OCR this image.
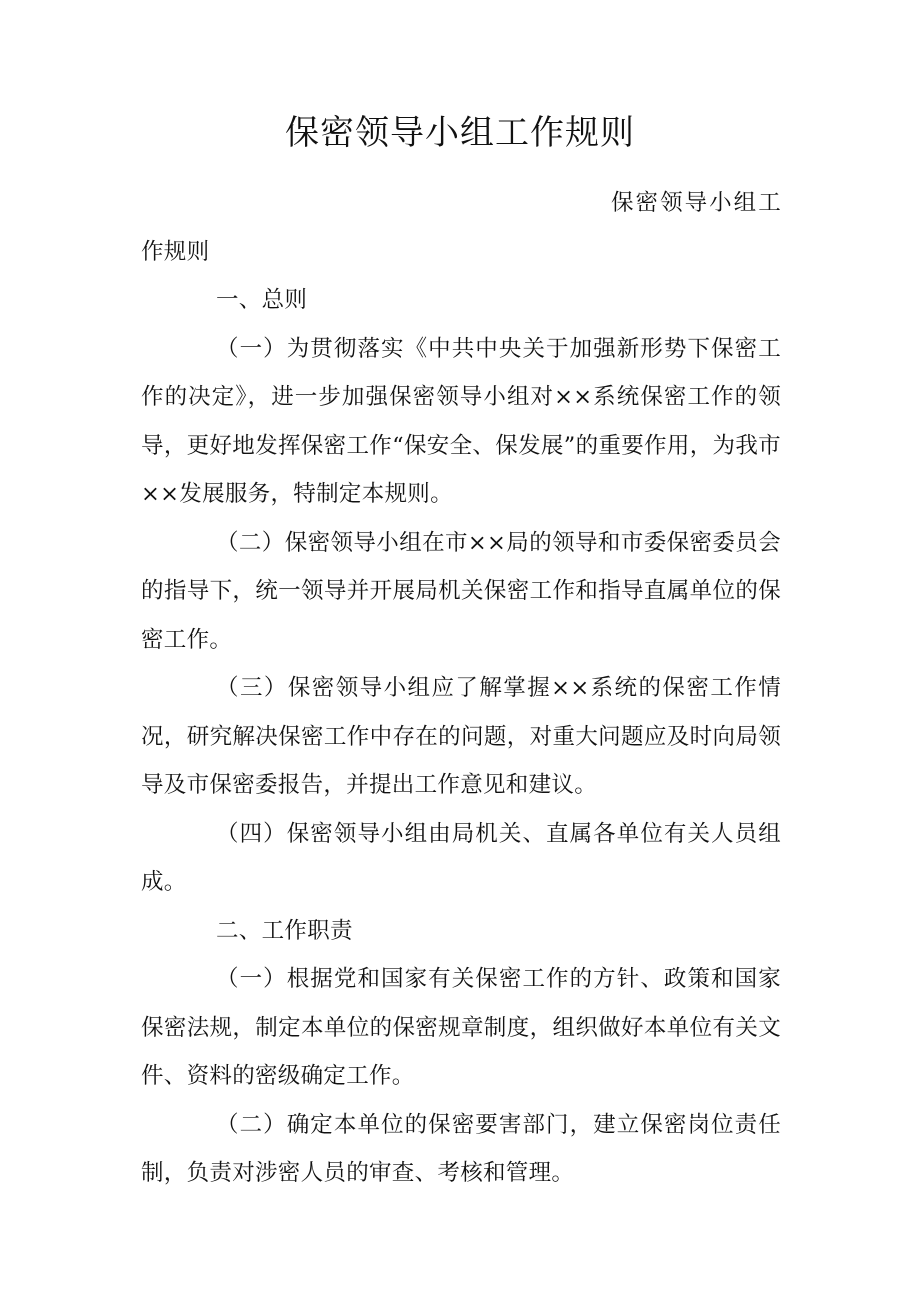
保密领导小组工作规则

保密领导小组工作规则

一、总则

（一）为贯彻落实《中共中央关于加强新形势下保密工作的决定》，进一步加强保密领导小组对××系统保密工作的领导，更好地发挥保密工作“保安全、保发展”的重要作用，为我市××发展服务，特制定本规则。

（二）保密领导小组在市××局的领导和市委保密委员会的指导下，统一领导并开展局机关保密工作和指导直属单位的保密工作。

（三）保密领导小组应了解掌握××系统的保密工作情况，研究解决保密工作中存在的问题，对重大问题应及时向局领导及市保密委报告，并提出工作意见和建议。

（四）保密领导小组由局机关、直属各单位有关人员组成。

二、工作职责

（一）根据党和国家有关保密工作的方针、政策和国家保密法规，制定本单位的保密规章制度，组织做好本单位有关文件、资料的密级确定工作。

（二）确定本单位的保密要害部门，建立保密岗位责任制，负责对涉密人员的审查、考核和管理。
